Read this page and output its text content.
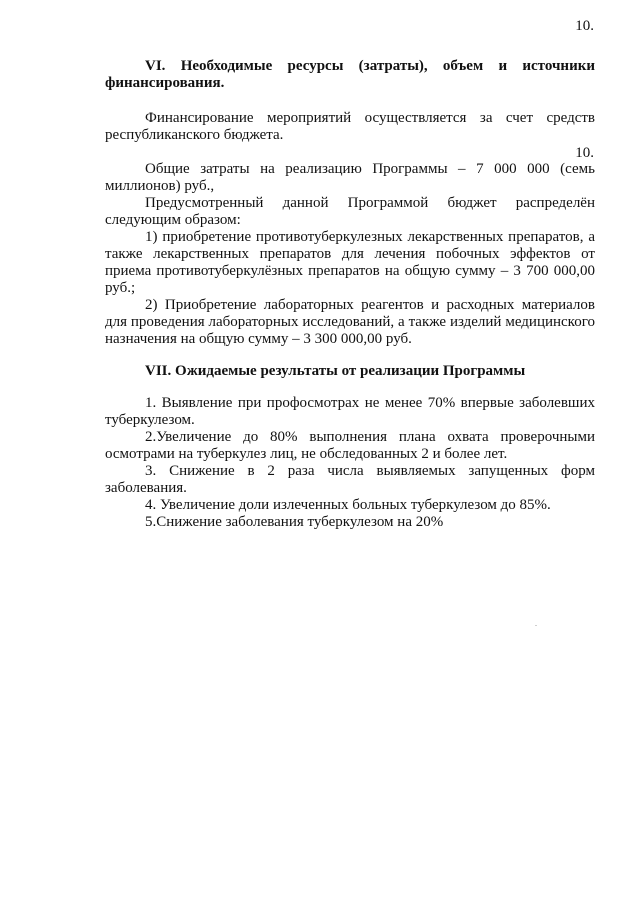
10.
VI. Необходимые ресурсы (затраты), объем и источники финансирования.
Финансирование мероприятий осуществляется за счет средств республиканского бюджета.
10.
Общие затраты на реализацию Программы – 7 000 000 (семь миллионов) руб.,
Предусмотренный данной Программой бюджет распределён следующим образом:
1) приобретение противотуберкулезных лекарственных препаратов, а также лекарственных препаратов для лечения побочных эффектов от приема противотуберкулёзных препаратов на общую сумму – 3 700 000,00 руб.;
2) Приобретение лабораторных реагентов и расходных материалов для проведения лабораторных исследований, а также изделий медицинского назначения на общую сумму – 3 300 000,00 руб.
VII. Ожидаемые результаты от реализации Программы
1. Выявление при профосмотрах не менее 70% впервые заболевших туберкулезом.
2.Увеличение до 80% выполнения плана охвата проверочными осмотрами на туберкулез лиц, не обследованных 2 и более лет.
3. Снижение в 2 раза числа выявляемых запущенных форм заболевания.
4. Увеличение доли излеченных больных туберкулезом до 85%.
5.Снижение заболевания туберкулезом на 20%
